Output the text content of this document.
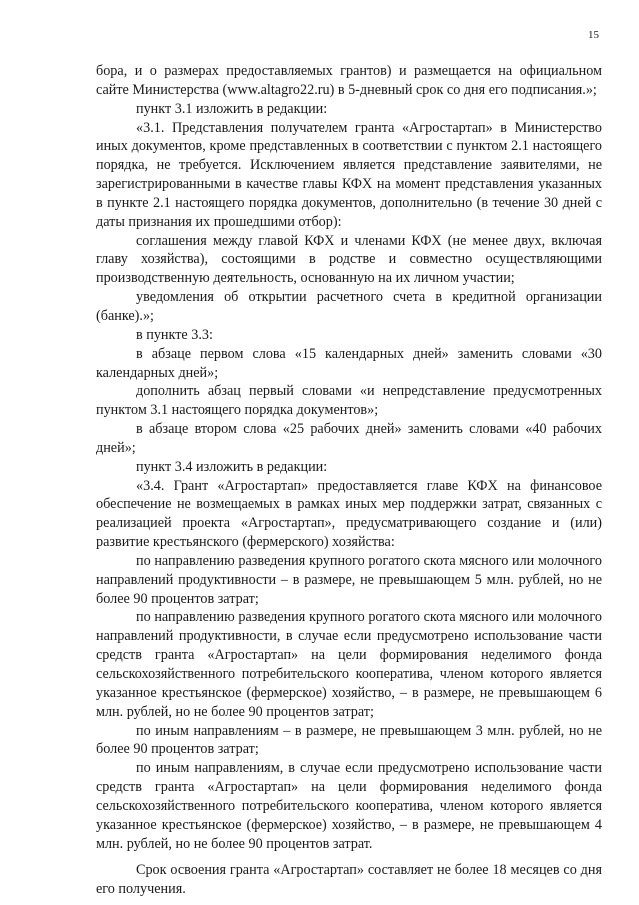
15

бора, и о размерах предоставляемых грантов) и размещается на официальном сайте Министерства (www.altagro22.ru) в 5-дневный срок со дня его подписания.»;

пункт 3.1 изложить в редакции:

«3.1. Представления получателем гранта «Агростартап» в Министерство иных документов, кроме представленных в соответствии с пунктом 2.1 настоящего порядка, не требуется. Исключением является представление заявителями, не зарегистрированными в качестве главы КФХ на момент представления указанных в пункте 2.1 настоящего порядка документов, дополнительно (в течение 30 дней с даты признания их прошедшими отбор):

соглашения между главой КФХ и членами КФХ (не менее двух, включая главу хозяйства), состоящими в родстве и совместно осуществляющими производственную деятельность, основанную на их личном участии;

уведомления об открытии расчетного счета в кредитной организации (банке).»;

в пункте 3.3:

в абзаце первом слова «15 календарных дней» заменить словами «30 календарных дней»;

дополнить абзац первый словами «и непредставление предусмотренных пунктом 3.1 настоящего порядка документов»;

в абзаце втором слова «25 рабочих дней» заменить словами «40 рабочих дней»;

пункт 3.4 изложить в редакции:

«3.4. Грант «Агростартап» предоставляется главе КФХ на финансовое обеспечение не возмещаемых в рамках иных мер поддержки затрат, связанных с реализацией проекта «Агростартап», предусматривающего создание и (или) развитие крестьянского (фермерского) хозяйства:

по направлению разведения крупного рогатого скота мясного или молочного направлений продуктивности – в размере, не превышающем 5 млн. рублей, но не более 90 процентов затрат;

по направлению разведения крупного рогатого скота мясного или молочного направлений продуктивности, в случае если предусмотрено использование части средств гранта «Агростартап» на цели формирования неделимого фонда сельскохозяйственного потребительского кооператива, членом которого является указанное крестьянское (фермерское) хозяйство, – в размере, не превышающем 6 млн. рублей, но не более 90 процентов затрат;

по иным направлениям – в размере, не превышающем 3 млн. рублей, но не более 90 процентов затрат;

по иным направлениям, в случае если предусмотрено использование части средств гранта «Агростартап» на цели формирования неделимого фонда сельскохозяйственного потребительского кооператива, членом которого является указанное крестьянское (фермерское) хозяйство, – в размере, не превышающем 4 млн. рублей, но не более 90 процентов затрат.

Срок освоения гранта «Агростартап» составляет не более 18 месяцев со дня его получения.
